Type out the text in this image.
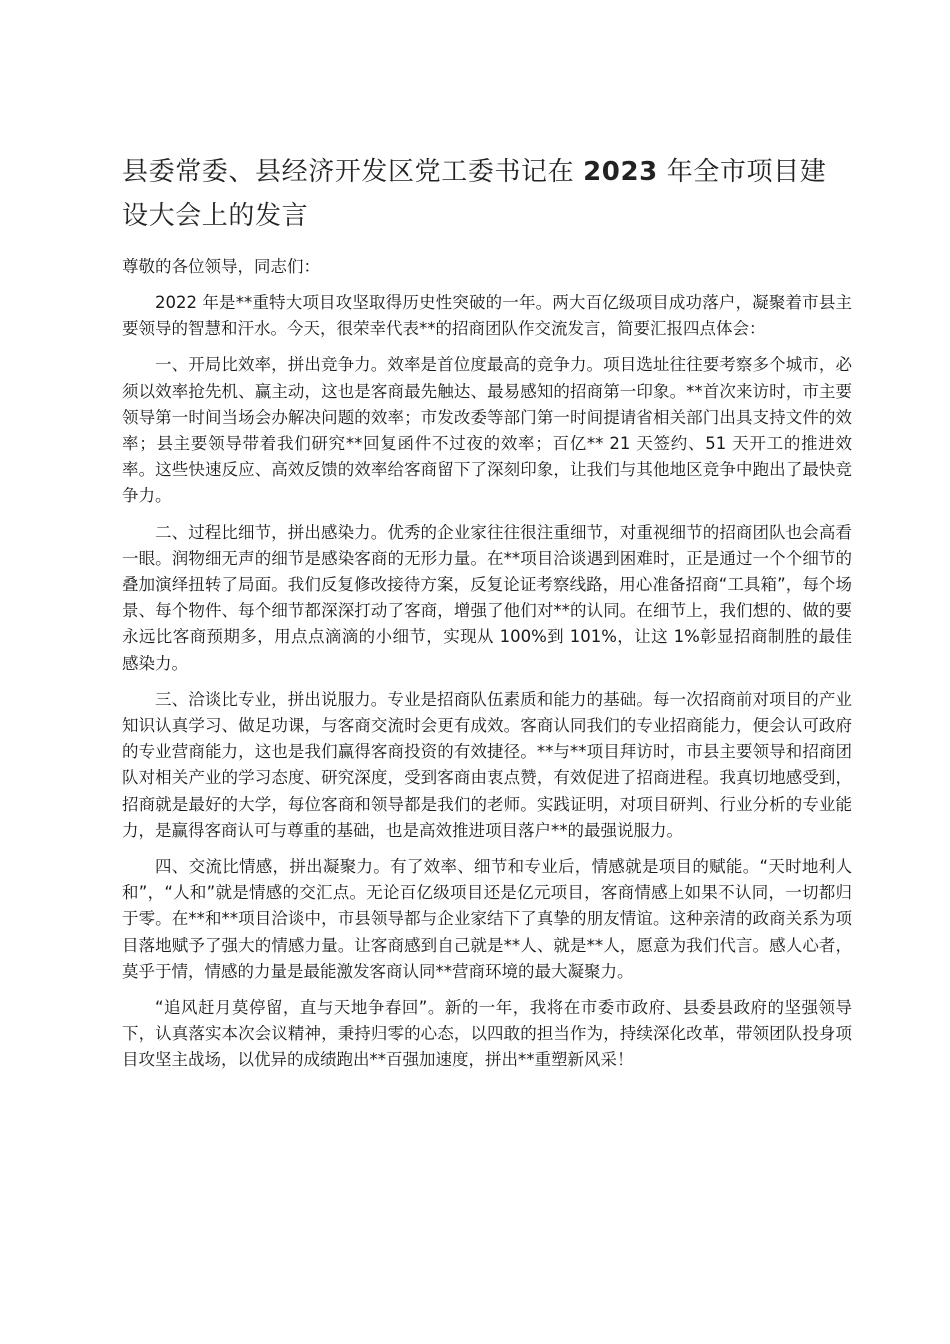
县委常委、县经济开发区党工委书记在 2023 年全市项目建设大会上的发言

尊敬的各位领导，同志们：

2022 年是**重特大项目攻坚取得历史性突破的一年。两大百亿级项目成功落户，凝聚着市县主要领导的智慧和汗水。今天，很荣幸代表**的招商团队作交流发言，简要汇报四点体会：

一、开局比效率，拼出竞争力。效率是首位度最高的竞争力。项目选址往往要考察多个城市，必须以效率抢先机、赢主动，这也是客商最先触达、最易感知的招商第一印象。**首次来访时，市主要领导第一时间当场会办解决问题的效率；市发改委等部门第一时间提请省相关部门出具支持文件的效率；县主要领导带着我们研究**回复函件不过夜的效率；百亿** 21 天签约、51 天开工的推进效率。这些快速反应、高效反馈的效率给客商留下了深刻印象，让我们与其他地区竞争中跑出了最快竞争力。

二、过程比细节，拼出感染力。优秀的企业家往往很注重细节，对重视细节的招商团队也会高看一眼。润物细无声的细节是感染客商的无形力量。在**项目洽谈遇到困难时，正是通过一个个细节的叠加演绎扭转了局面。我们反复修改接待方案，反复论证考察线路，用心准备招商“工具箱”，每个场景、每个物件、每个细节都深深打动了客商，增强了他们对**的认同。在细节上，我们想的、做的要永远比客商预期多，用点点滴滴的小细节，实现从 100%到 101%，让这 1%彰显招商制胜的最佳感染力。

三、洽谈比专业，拼出说服力。专业是招商队伍素质和能力的基础。每一次招商前对项目的产业知识认真学习、做足功课，与客商交流时会更有成效。客商认同我们的专业招商能力，便会认可政府的专业营商能力，这也是我们赢得客商投资的有效捷径。**与**项目拜访时，市县主要领导和招商团队对相关产业的学习态度、研究深度，受到客商由衷点赞，有效促进了招商进程。我真切地感受到，招商就是最好的大学，每位客商和领导都是我们的老师。实践证明，对项目研判、行业分析的专业能力，是赢得客商认可与尊重的基础，也是高效推进项目落户**的最强说服力。

四、交流比情感，拼出凝聚力。有了效率、细节和专业后，情感就是项目的赋能。“天时地利人和”，“人和”就是情感的交汇点。无论百亿级项目还是亿元项目，客商情感上如果不认同，一切都归于零。在**和**项目洽谈中，市县领导都与企业家结下了真挚的朋友情谊。这种亲清的政商关系为项目落地赋予了强大的情感力量。让客商感到自己就是**人、就是**人，愿意为我们代言。感人心者，莫乎于情，情感的力量是最能激发客商认同**营商环境的最大凝聚力。

“追风赶月莫停留，直与天地争春回”。新的一年，我将在市委市政府、县委县政府的坚强领导下，认真落实本次会议精神，秉持归零的心态，以四敢的担当作为，持续深化改革，带领团队投身项目攻坚主战场，以优异的成绩跑出**百强加速度，拼出**重塑新风采！
